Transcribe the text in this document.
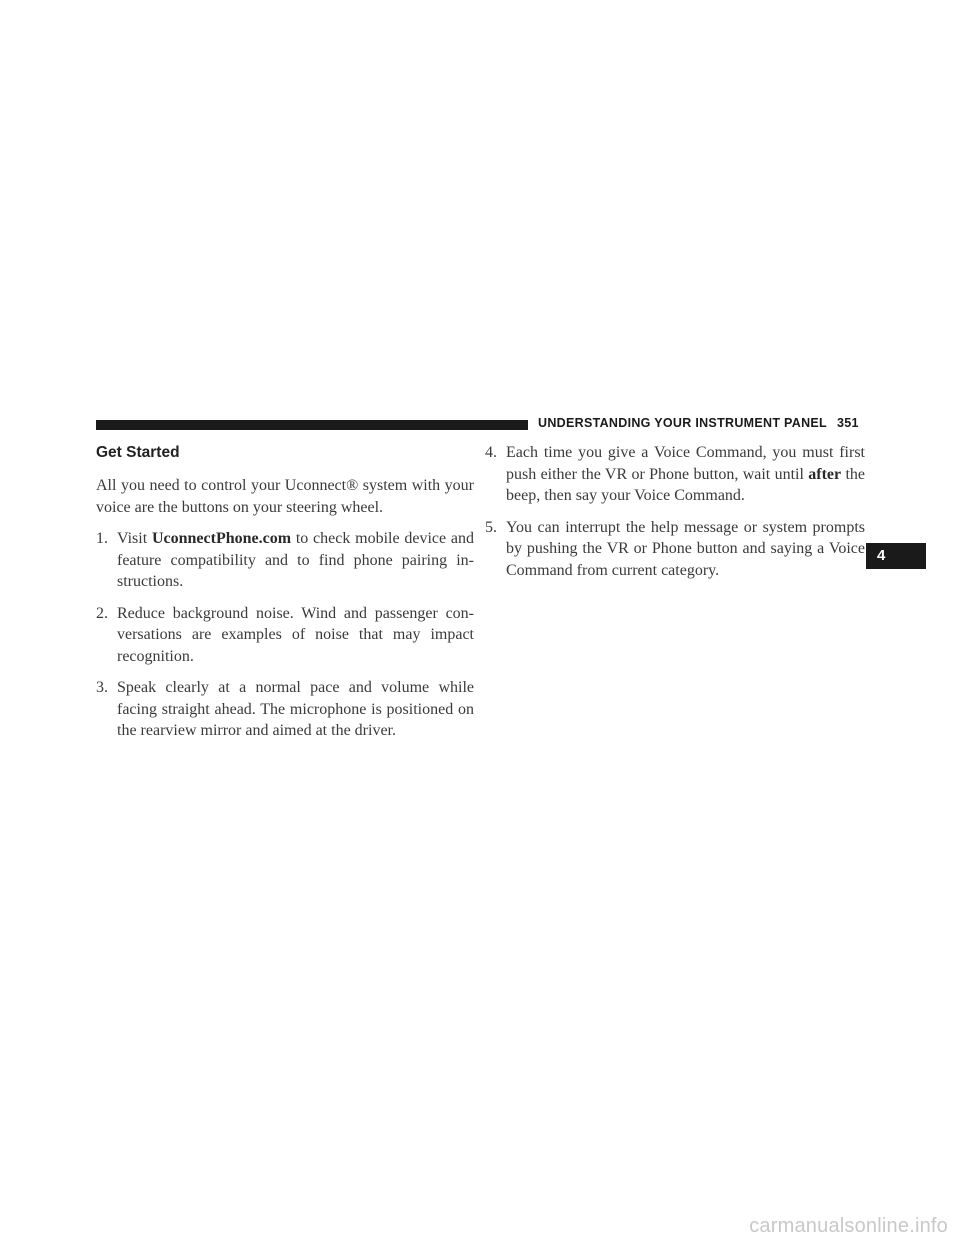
UNDERSTANDING YOUR INSTRUMENT PANEL 351
Get Started

All you need to control your Uconnect® system with your voice are the buttons on your steering wheel.

1. Visit UconnectPhone.com to check mobile device and feature compatibility and to find phone pairing in-structions.
2. Reduce background noise. Wind and passenger con-versations are examples of noise that may impact recognition.
3. Speak clearly at a normal pace and volume while facing straight ahead. The microphone is positioned on the rearview mirror and aimed at the driver.
4. Each time you give a Voice Command, you must first push either the VR or Phone button, wait until after the beep, then say your Voice Command.
5. You can interrupt the help message or system prompts by pushing the VR or Phone button and saying a Voice Command from current category.
4
carmanualsonline.info
